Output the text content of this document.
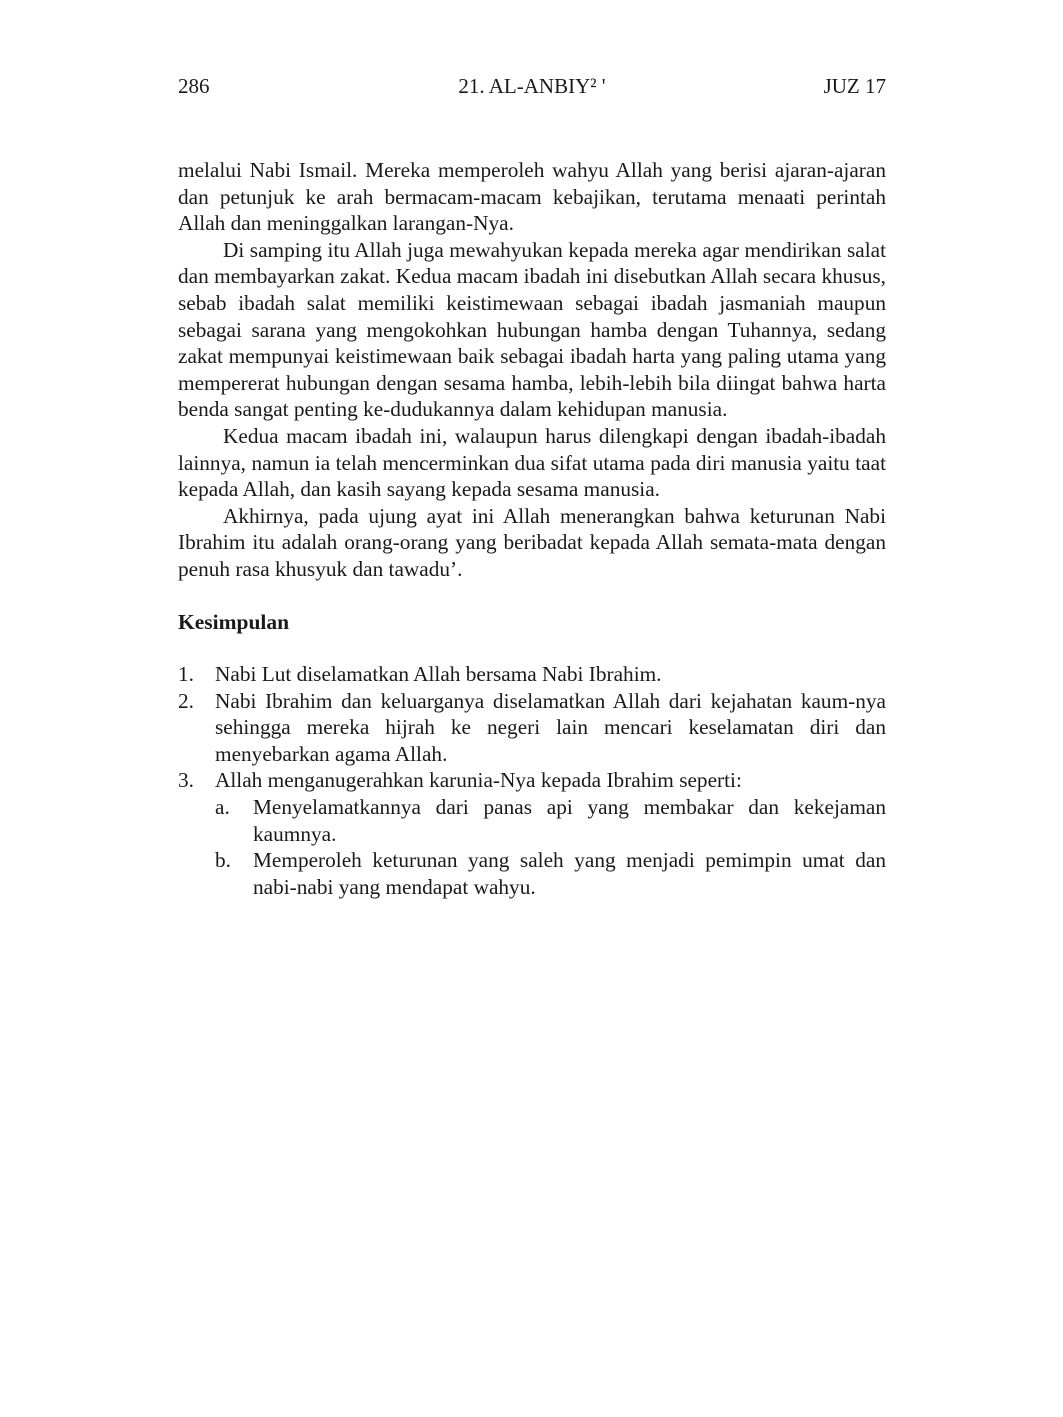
286	21. AL-ANBIY² '	JUZ 17

melalui Nabi Ismail. Mereka memperoleh wahyu Allah yang berisi ajaran-ajaran dan petunjuk ke arah bermacam-macam kebajikan, terutama menaati perintah Allah dan meninggalkan larangan-Nya.

Di samping itu Allah juga mewahyukan kepada mereka agar mendirikan salat dan membayarkan zakat. Kedua macam ibadah ini disebutkan Allah secara khusus, sebab ibadah salat memiliki keistimewaan sebagai ibadah jasmaniah maupun sebagai sarana yang mengokohkan hubungan hamba dengan Tuhannya, sedang zakat mempunyai keistimewaan baik sebagai ibadah harta yang paling utama yang mempererat hubungan dengan sesama hamba, lebih-lebih bila diingat bahwa harta benda sangat penting ke-dudukannya dalam kehidupan manusia.

Kedua macam ibadah ini, walaupun harus dilengkapi dengan ibadah-ibadah lainnya, namun ia telah mencerminkan dua sifat utama pada diri manusia yaitu taat kepada Allah, dan kasih sayang kepada sesama manusia.

Akhirnya, pada ujung ayat ini Allah menerangkan bahwa keturunan Nabi Ibrahim itu adalah orang-orang yang beribadat kepada Allah semata-mata dengan penuh rasa khusyuk dan tawadu’.

Kesimpulan
1. Nabi Lut diselamatkan Allah bersama Nabi Ibrahim.
2. Nabi Ibrahim dan keluarganya diselamatkan Allah dari kejahatan kaum-nya sehingga mereka hijrah ke negeri lain mencari keselamatan diri dan menyebarkan agama Allah.
3. Allah menganugerahkan karunia-Nya kepada Ibrahim seperti:
a. Menyelamatkannya dari panas api yang membakar dan kekejaman kaumnya.
b. Memperoleh keturunan yang saleh yang menjadi pemimpin umat dan nabi-nabi yang mendapat wahyu.
